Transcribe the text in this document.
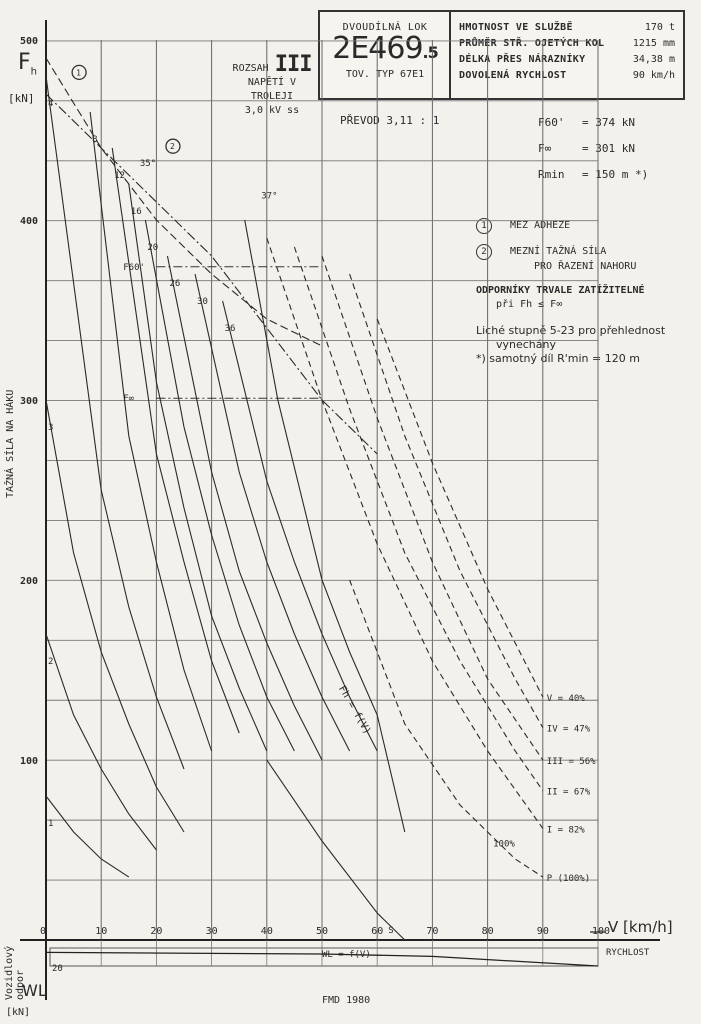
DVOUDÍLNÁ LOK
2E469.5
TOV. TYP 67E1
HMOTNOST VE SLUŽBĚ	170 t
PRŮMĚR STŘ. OJETÝCH KOL	1215 mm
DÉLKA PŘES NÁRAZNÍKY	34,38 m
DOVOLENÁ RYCHLOST	90 km/h
ROZSAH III
NAPĚTÍ V TROLEJI
3,0 kV ss
PŘEVOD 3,11 : 1	F60' = 374 kN
F∞	= 301 kN
Rmin = 150 m *)
1 MEZ ADHEZE
2 MEZNÍ TAŽNÁ SÍLA
PRO ŘAZENÍ NAHORU
ODPORNÍKY TRVALE ZATÍŽITELNÉ
při Fh ≤ F∞
Liché stupně 5-23 pro přehlednost
vynechány
*) samotný díl R'min = 120 m
0	10	20	30	40	50	60	70	80	90	100
100
200
300
400
500
1
2
3
4
8
12
16
20
26
30
36
I = 82%
II = 67%
III = 56%
IV = 47%
V = 40%
P (100%)
F60'
F∞
35°
37°
100%
S
Fh = f(V)
1
2
$F_h$
[kN]
TAŽNÁ SÍLA NA HÁKU
V [km/h]
RYCHLOST
Vozidlový odpor
WL
[kN]
WL = f(V)
20
FMD 1980
